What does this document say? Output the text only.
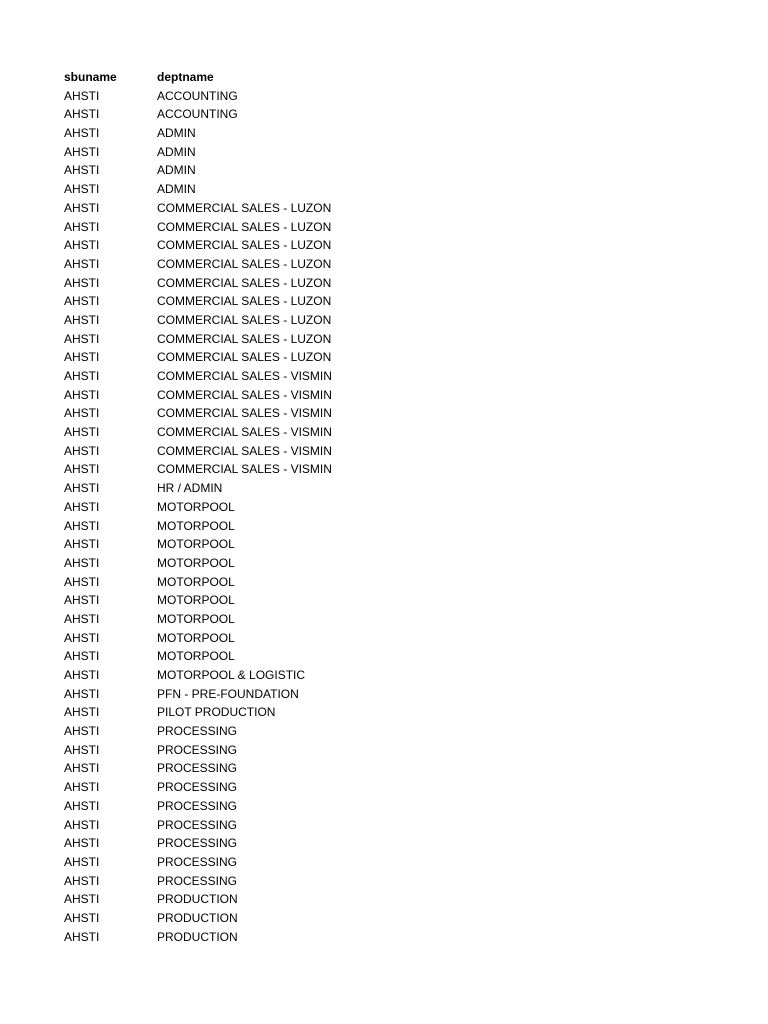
sbuname	deptname
AHSTI	ACCOUNTING
AHSTI	ACCOUNTING
AHSTI	ADMIN
AHSTI	ADMIN
AHSTI	ADMIN
AHSTI	ADMIN
AHSTI	COMMERCIAL SALES - LUZON
AHSTI	COMMERCIAL SALES - LUZON
AHSTI	COMMERCIAL SALES - LUZON
AHSTI	COMMERCIAL SALES - LUZON
AHSTI	COMMERCIAL SALES - LUZON
AHSTI	COMMERCIAL SALES - LUZON
AHSTI	COMMERCIAL SALES - LUZON
AHSTI	COMMERCIAL SALES - LUZON
AHSTI	COMMERCIAL SALES - LUZON
AHSTI	COMMERCIAL SALES - VISMIN
AHSTI	COMMERCIAL SALES - VISMIN
AHSTI	COMMERCIAL SALES - VISMIN
AHSTI	COMMERCIAL SALES - VISMIN
AHSTI	COMMERCIAL SALES - VISMIN
AHSTI	COMMERCIAL SALES - VISMIN
AHSTI	HR / ADMIN
AHSTI	MOTORPOOL
AHSTI	MOTORPOOL
AHSTI	MOTORPOOL
AHSTI	MOTORPOOL
AHSTI	MOTORPOOL
AHSTI	MOTORPOOL
AHSTI	MOTORPOOL
AHSTI	MOTORPOOL
AHSTI	MOTORPOOL
AHSTI	MOTORPOOL & LOGISTIC
AHSTI	PFN - PRE-FOUNDATION
AHSTI	PILOT PRODUCTION
AHSTI	PROCESSING
AHSTI	PROCESSING
AHSTI	PROCESSING
AHSTI	PROCESSING
AHSTI	PROCESSING
AHSTI	PROCESSING
AHSTI	PROCESSING
AHSTI	PROCESSING
AHSTI	PROCESSING
AHSTI	PRODUCTION
AHSTI	PRODUCTION
AHSTI	PRODUCTION
